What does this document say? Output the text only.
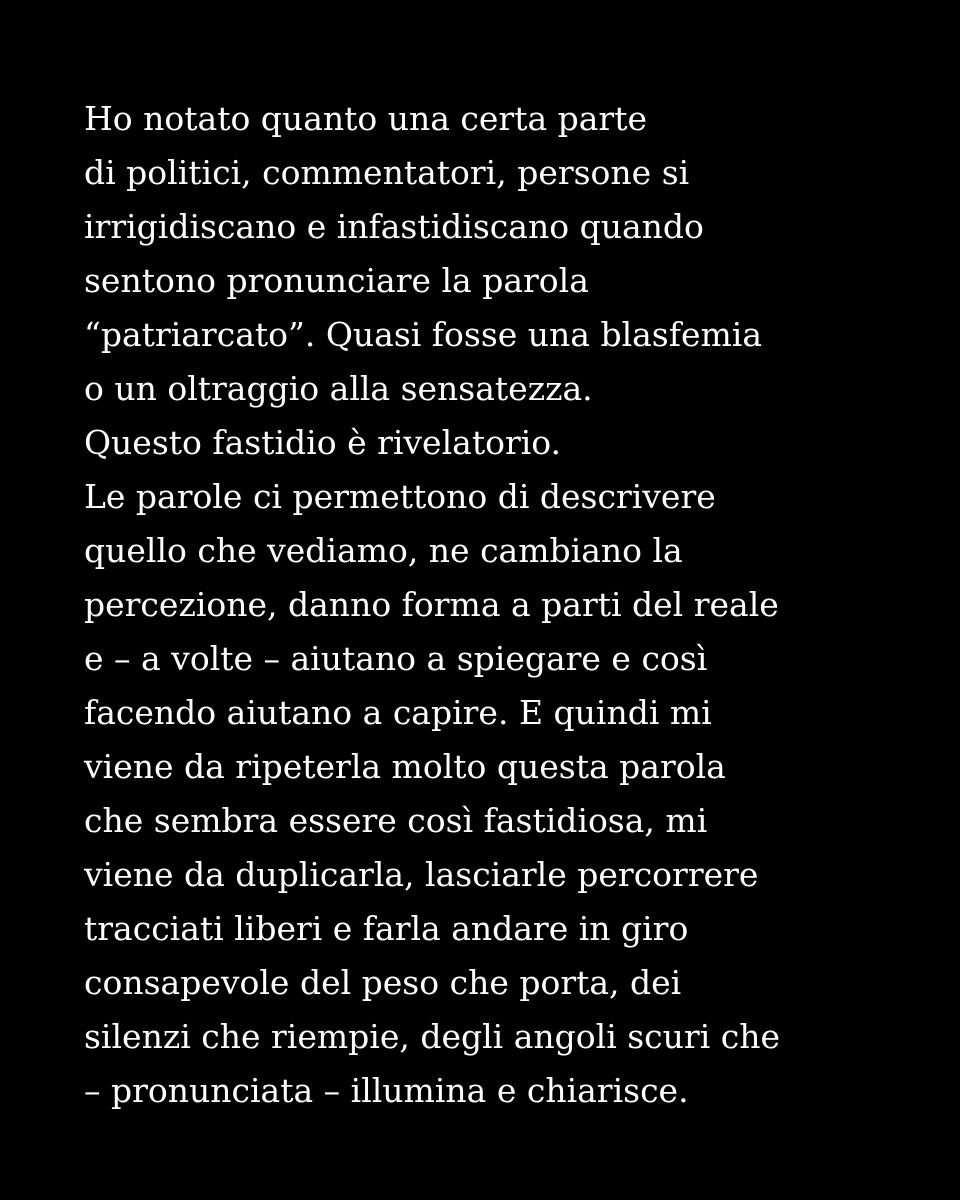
Ho notato quanto una certa parte
di politici, commentatori, persone si
irrigidiscano e infastidiscano quando
sentono pronunciare la parola
“patriarcato”. Quasi fosse una blasfemia
o un oltraggio alla sensatezza.
Questo fastidio è rivelatorio.
Le parole ci permettono di descrivere
quello che vediamo, ne cambiano la
percezione, danno forma a parti del reale
e – a volte – aiutano a spiegare e così
facendo aiutano a capire. E quindi mi
viene da ripeterla molto questa parola
che sembra essere così fastidiosa, mi
viene da duplicarla, lasciarle percorrere
tracciati liberi e farla andare in giro
consapevole del peso che porta, dei
silenzi che riempie, degli angoli scuri che
– pronunciata – illumina e chiarisce.
